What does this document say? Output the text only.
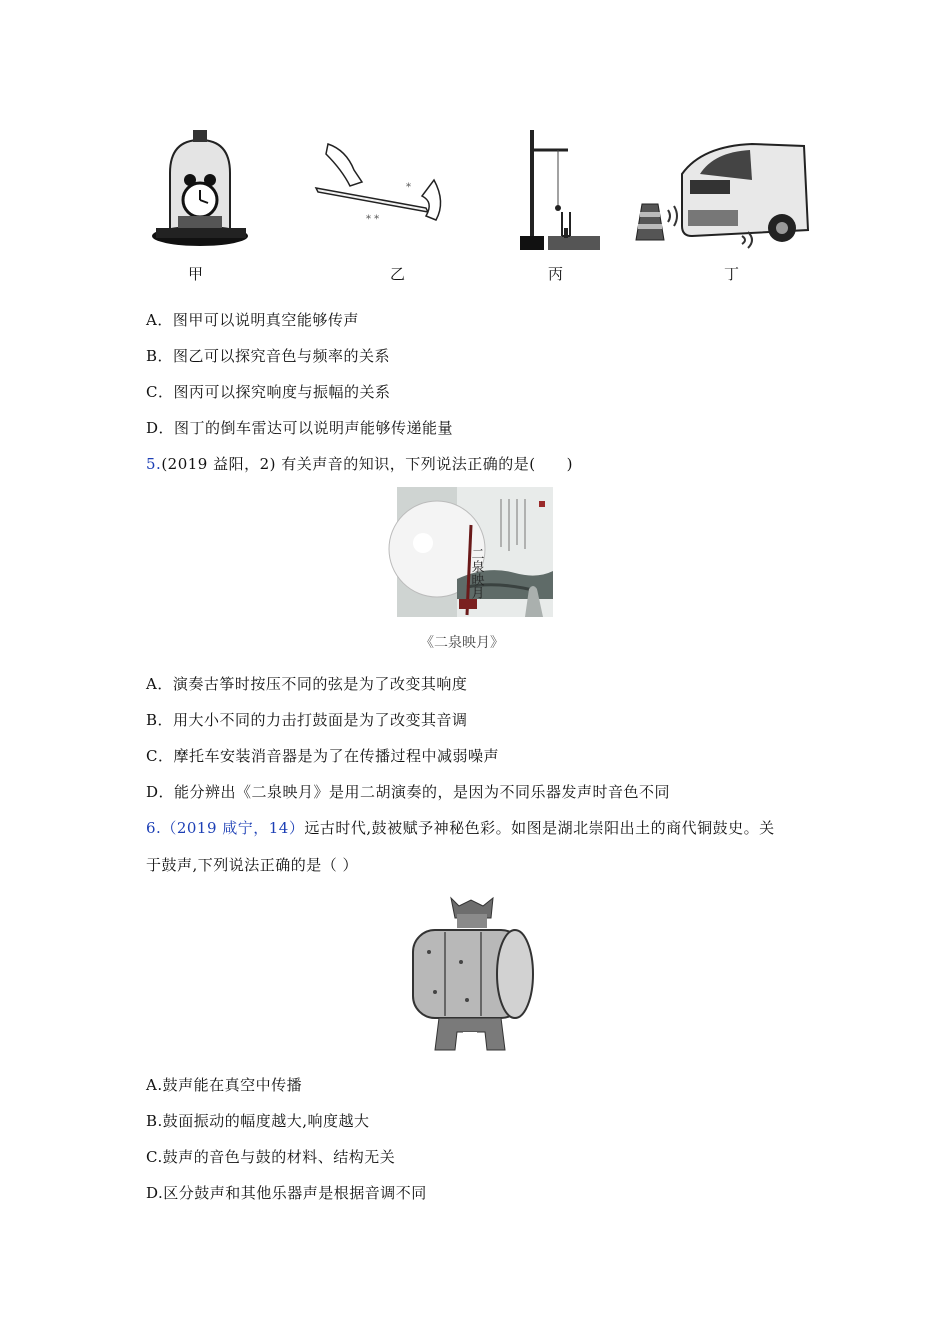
甲
* *
*
乙	丙	丁
A．图甲可以说明真空能够传声
B．图乙可以探究音色与频率的关系
C．图丙可以探究响度与振幅的关系
D．图丁的倒车雷达可以说明声能够传递能量
5.(2019 益阳，2) 有关声音的知识，下列说法正确的是(　　)
二泉映月
《二泉映月》
A．演奏古筝时按压不同的弦是为了改变其响度
B．用大小不同的力击打鼓面是为了改变其音调
C．摩托车安装消音器是为了在传播过程中减弱噪声
D．能分辨出《二泉映月》是用二胡演奏的，是因为不同乐器发声时音色不同
6.（2019 咸宁，14）远古时代,鼓被赋予神秘色彩。如图是湖北崇阳出土的商代铜鼓史。关
于鼓声,下列说法正确的是（ ）
A.鼓声能在真空中传播
B.鼓面振动的幅度越大,响度越大
C.鼓声的音色与鼓的材料、结构无关
D.区分鼓声和其他乐器声是根据音调不同
